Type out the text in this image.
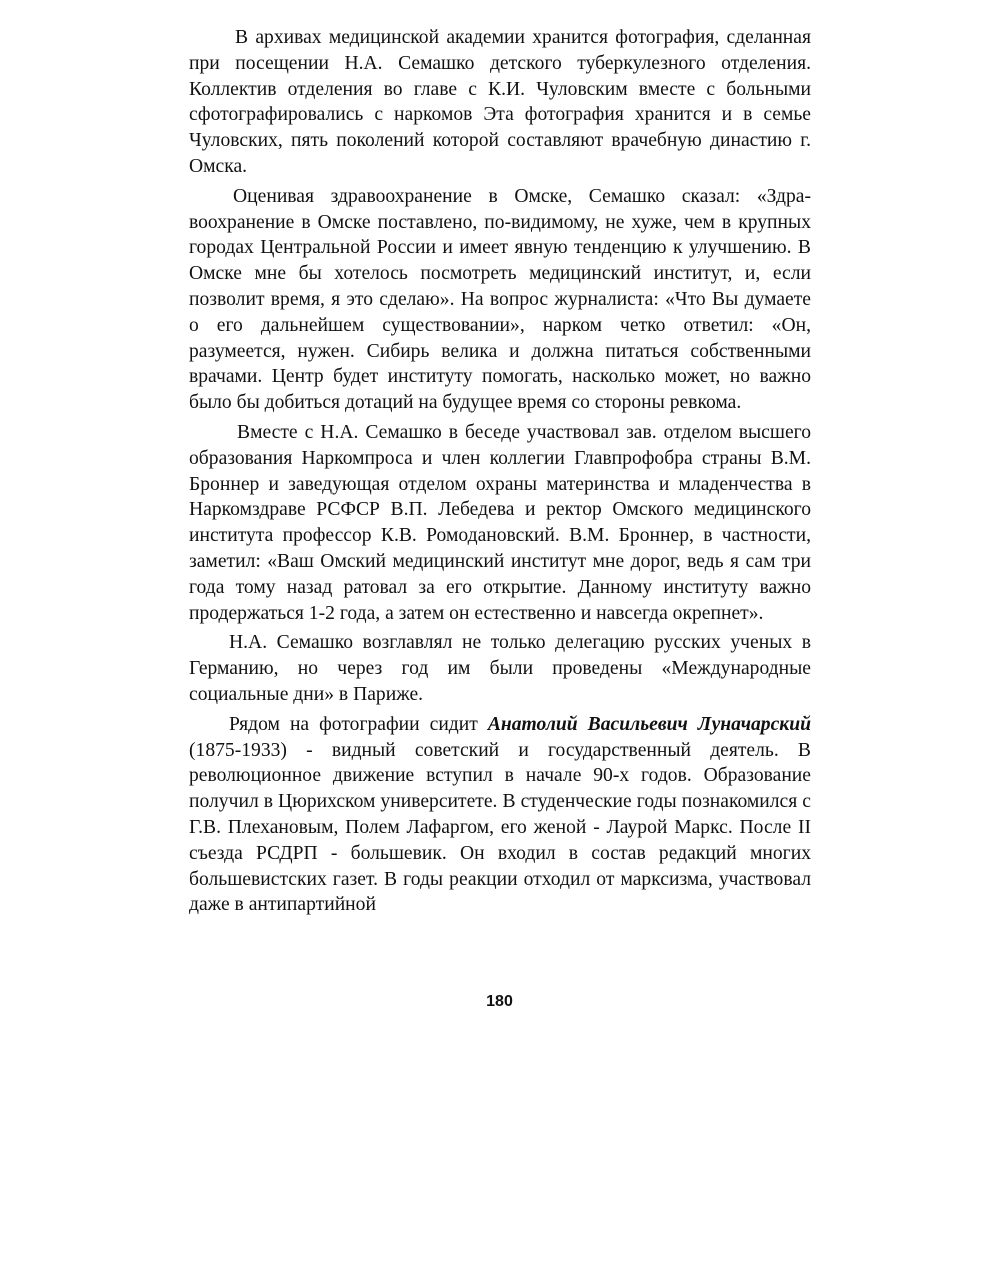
В архивах медицинской академии хранится фотография, сделанная при посещении Н.А. Семашко детского туберкулезного отделения. Коллектив отделения во главе с К.И. Чуловским вместе с больными сфотографировались с наркомов Эта фотография хранится и в семье Чуловских, пять поколений которой составляют врачебную династию г. Омска.

Оценивая здравоохранение в Омске, Семашко сказал: «Здравоохранение в Омске поставлено, по-видимому, не хуже, чем в крупных городах Центральной России и имеет явную тенденцию к улучшению. В Омске мне бы хотелось посмотреть медицинский институт, и, если позволит время, я это сделаю». На вопрос журналиста: «Что Вы думаете о его дальнейшем существовании», нарком четко ответил: «Он, разумеется, нужен. Сибирь велика и должна питаться собственными врачами. Центр будет институту помогать, насколько может, но важно было бы добиться дотаций на будущее время со стороны ревкома.

Вместе с Н.А. Семашко в беседе участвовал зав. отделом высшего образования Наркомпроса и член коллегии Главпрофобра страны В.М. Броннер и заведующая отделом охраны материнства и младенчества в Наркомздраве РСФСР В.П. Лебедева и ректор Омского медицинского института профессор К.В. Ромодановский. В.М. Броннер, в частности, заметил: «Ваш Омский медицинский институт мне дорог, ведь я сам три года тому назад ратовал за его открытие. Данному институту важно продержаться 1-2 года, а затем он естественно и навсегда окрепнет».

Н.А. Семашко возглавлял не только делегацию русских ученых в Германию, но через год им были проведены «Международные социальные дни» в Париже.

Рядом на фотографии сидит Анатолий Васильевич Луначарский (1875-1933) - видный советский и государственный деятель. В революционное движение вступил в начале 90-х годов. Образование получил в Цюрихском университете. В студенческие годы познакомился с Г.В. Плехановым, Полем Лафаргом, его женой - Лаурой Маркс. После II съезда РСДРП - большевик. Он входил в состав редакций многих большевистских газет. В годы реакции отходил от марксизма, участвовал даже в антипартийной

180
